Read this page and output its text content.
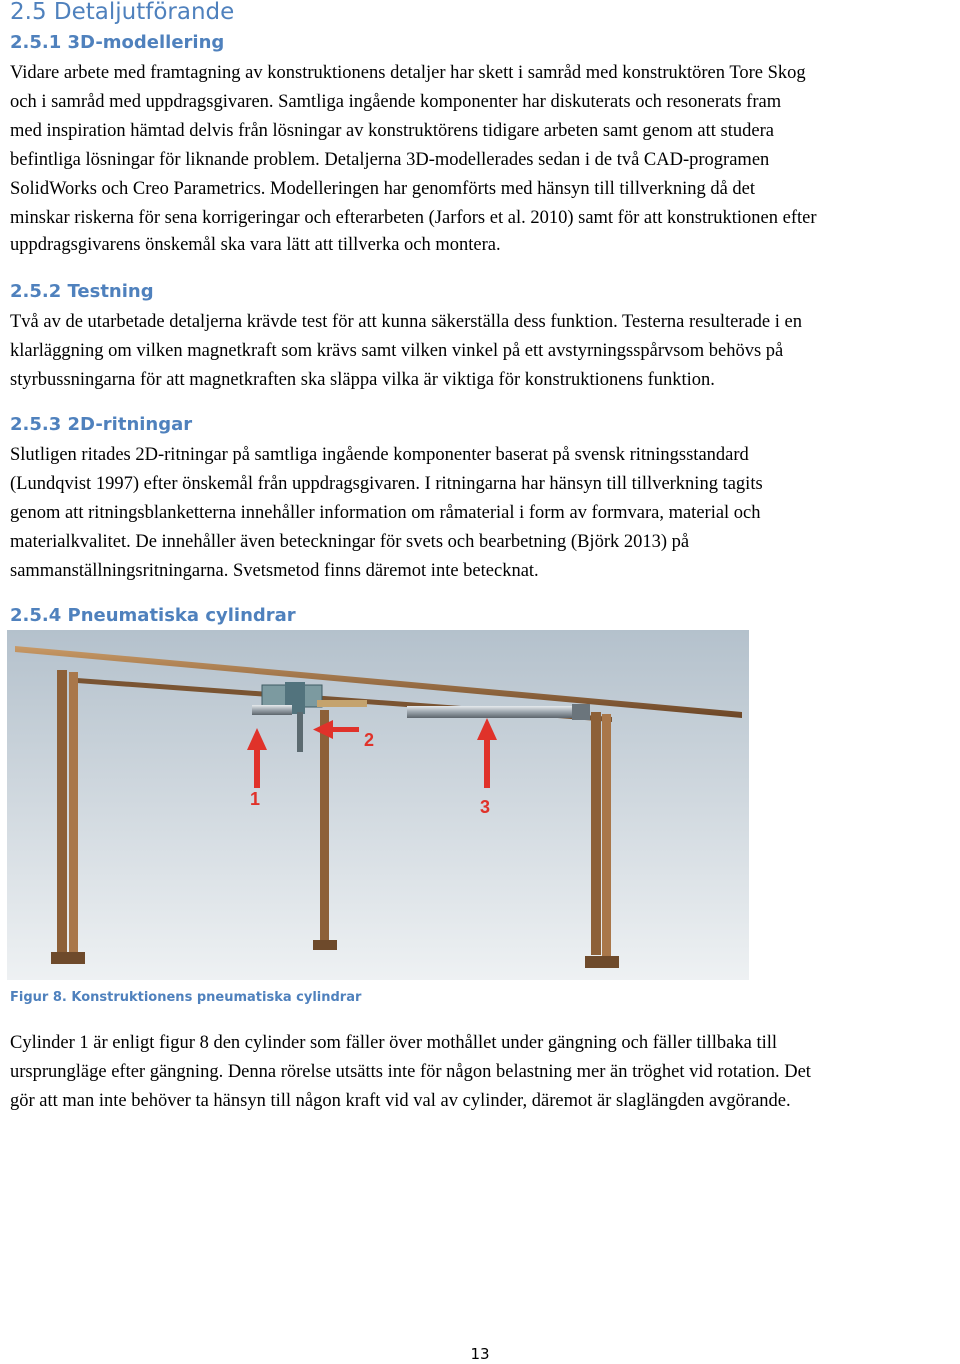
2.5 Detaljutförande
2.5.1 3D-modellering
Vidare arbete med framtagning av konstruktionens detaljer har skett i samråd med konstruktören Tore Skog
och i samråd med uppdragsgivaren. Samtliga ingående komponenter har diskuterats och resonerats fram
med inspiration hämtad delvis från lösningar av konstruktörens tidigare arbeten samt genom att studera
befintliga lösningar för liknande problem. Detaljerna 3D-modellerades sedan i de två CAD-programen
SolidWorks och Creo Parametrics. Modelleringen har genomförts med hänsyn till tillverkning då det
minskar riskerna för sena korrigeringar och efterarbeten (Jarfors et al. 2010) samt för att konstruktionen efter
uppdragsgivarens önskemål ska vara lätt att tillverka och montera.
2.5.2 Testning
Två av de utarbetade detaljerna krävde test för att kunna säkerställa dess funktion. Testerna resulterade i en
klarläggning om vilken magnetkraft som krävs samt vilken vinkel på ett avstyrningsspårvsom behövs på
styrbussningarna för att magnetkraften ska släppa vilka är viktiga för konstruktionens funktion.
2.5.3 2D-ritningar
Slutligen ritades 2D-ritningar på samtliga ingående komponenter baserat på svensk ritningsstandard
(Lundqvist 1997) efter önskemål från uppdragsgivaren. I ritningarna har hänsyn till tillverkning tagits
genom att ritningsblanketterna innehåller information om råmaterial i form av formvara, material och
materialkvalitet. De innehåller även beteckningar för svets och bearbetning (Björk 2013) på
sammanställningsritningarna. Svetsmetod finns däremot inte betecknat.
2.5.4 Pneumatiska cylindrar
1
2
3
Figur 8. Konstruktionens pneumatiska cylindrar
Cylinder 1 är enligt figur 8 den cylinder som fäller över mothållet under gängning och fäller tillbaka till
ursprungläge efter gängning. Denna rörelse utsätts inte för någon belastning mer än tröghet vid rotation. Det
gör att man inte behöver ta hänsyn till någon kraft vid val av cylinder, däremot är slaglängden avgörande.
13
